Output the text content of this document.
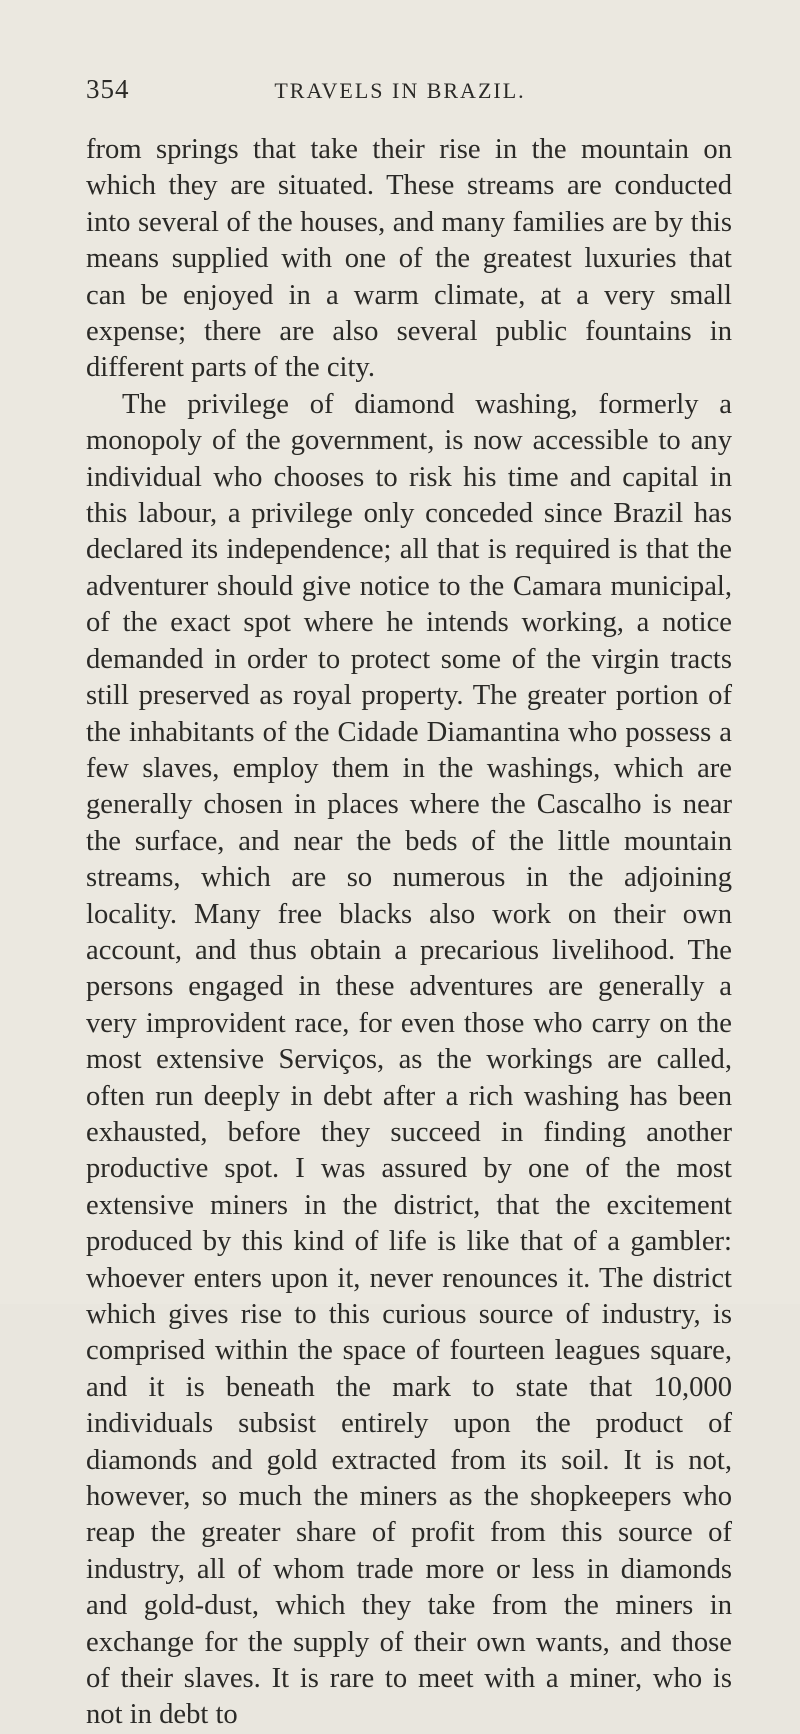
354	TRAVELS IN BRAZIL.

from springs that take their rise in the mountain on which they are situated. These streams are conducted into several of the houses, and many families are by this means supplied with one of the greatest luxuries that can be enjoyed in a warm climate, at a very small expense; there are also several public fountains in different parts of the city.

The privilege of diamond washing, formerly a monopoly of the government, is now accessible to any individual who chooses to risk his time and capital in this labour, a privilege only conceded since Brazil has declared its independence; all that is required is that the adventurer should give notice to the Camara municipal, of the exact spot where he intends working, a notice demanded in order to protect some of the virgin tracts still preserved as royal property. The greater portion of the inhabitants of the Cidade Diamantina who possess a few slaves, employ them in the washings, which are generally chosen in places where the Cascalho is near the surface, and near the beds of the little mountain streams, which are so numerous in the adjoining locality. Many free blacks also work on their own account, and thus obtain a precarious livelihood. The persons engaged in these adventures are generally a very improvident race, for even those who carry on the most extensive Serviços, as the workings are called, often run deeply in debt after a rich washing has been exhausted, before they succeed in finding another productive spot. I was assured by one of the most extensive miners in the district, that the excitement produced by this kind of life is like that of a gambler: whoever enters upon it, never renounces it. The district which gives rise to this curious source of industry, is comprised within the space of fourteen leagues square, and it is beneath the mark to state that 10,000 individuals subsist entirely upon the product of diamonds and gold extracted from its soil. It is not, however, so much the miners as the shopkeepers who reap the greater share of profit from this source of industry, all of whom trade more or less in diamonds and gold-dust, which they take from the miners in exchange for the supply of their own wants, and those of their slaves. It is rare to meet with a miner, who is not in debt to
